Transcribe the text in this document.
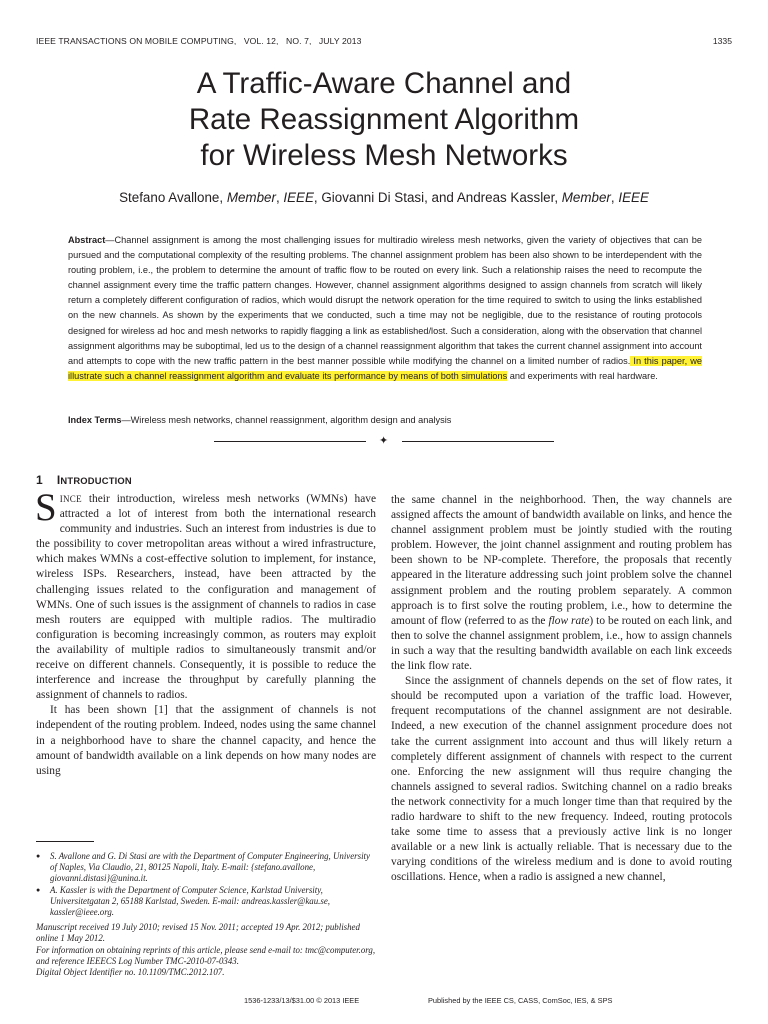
IEEE TRANSACTIONS ON MOBILE COMPUTING,   VOL. 12,   NO. 7,   JULY 2013	1335
A Traffic-Aware Channel and
Rate Reassignment Algorithm
for Wireless Mesh Networks
Stefano Avallone, Member, IEEE, Giovanni Di Stasi, and Andreas Kassler, Member, IEEE
Abstract—Channel assignment is among the most challenging issues for multiradio wireless mesh networks, given the variety of objectives that can be pursued and the computational complexity of the resulting problems. The channel assignment problem has been also shown to be interdependent with the routing problem, i.e., the problem to determine the amount of traffic flow to be routed on every link. Such a relationship raises the need to recompute the channel assignment every time the traffic pattern changes. However, channel assignment algorithms designed to assign channels from scratch will likely return a completely different configuration of radios, which would disrupt the network operation for the time required to switch to using the links established on the new channels. As shown by the experiments that we conducted, such a time may not be negligible, due to the resistance of routing protocols designed for wireless ad hoc and mesh networks to rapidly flagging a link as established/lost. Such a consideration, along with the observation that channel assignment algorithms may be suboptimal, led us to the design of a channel reassignment algorithm that takes the current channel assignment into account and attempts to cope with the new traffic pattern in the best manner possible while modifying the channel on a limited number of radios. In this paper, we illustrate such a channel reassignment algorithm and evaluate its performance by means of both simulations and experiments with real hardware.
Index Terms—Wireless mesh networks, channel reassignment, algorithm design and analysis
✦
1 INTRODUCTION

SINCE their introduction, wireless mesh networks (WMNs) have attracted a lot of interest from both the international research community and industries. Such an interest from industries is due to the possibility to cover metropolitan areas without a wired infrastructure, which makes WMNs a cost-effective solution to implement, for instance, wireless ISPs. Researchers, instead, have been attracted by the challenging issues related to the configuration and management of WMNs. One of such issues is the assignment of channels to radios in case mesh routers are equipped with multiple radios. The multiradio configuration is becoming increasingly common, as routers may exploit the availability of multiple radios to simultaneously transmit and/or receive on different channels. Consequently, it is possible to reduce the interference and increase the throughput by carefully planning the assignment of channels to radios.

It has been shown [1] that the assignment of channels is not independent of the routing problem. Indeed, nodes using the same channel in a neighborhood have to share the channel capacity, and hence the amount of bandwidth available on a link depends on how many nodes are using

the same channel in the neighborhood. Then, the way channels are assigned affects the amount of bandwidth available on links, and hence the channel assignment problem must be jointly studied with the routing problem. However, the joint channel assignment and routing problem has been shown to be NP-complete. Therefore, the proposals that recently appeared in the literature addressing such joint problem solve the channel assignment problem and the routing problem separately. A common approach is to first solve the routing problem, i.e., how to determine the amount of flow (referred to as the flow rate) to be routed on each link, and then to solve the channel assignment problem, i.e., how to assign channels in such a way that the resulting bandwidth available on each link exceeds the link flow rate.

Since the assignment of channels depends on the set of flow rates, it should be recomputed upon a variation of the traffic load. However, frequent recomputations of the channel assignment are not desirable. Indeed, a new execution of the channel assignment procedure does not take the current assignment into account and thus will likely return a completely different assignment of channels with respect to the current one. Enforcing the new assignment will thus require changing the channels assigned to several radios. Switching channel on a radio breaks the network connectivity for a much longer time than that required by the radio hardware to shift to the new frequency. Indeed, routing protocols take some time to assess that a previously active link is no longer available or a new link is actually reliable. That is necessary due to the varying conditions of the wireless medium and is done to avoid routing oscillations. Hence, when a radio is assigned a new channel,

● S. Avallone and G. Di Stasi are with the Department of Computer Engineering, University of Naples, Via Claudio, 21, 80125 Napoli, Italy. E-mail: {stefano.avallone, giovanni.distasi}@unina.it.
● A. Kassler is with the Department of Computer Science, Karlstad University, Universitetgatan 2, 65188 Karlstad, Sweden. E-mail: andreas.kassler@kau.se, kassler@ieee.org.

Manuscript received 19 July 2010; revised 15 Nov. 2011; accepted 19 Apr. 2012; published online 1 May 2012.

For information on obtaining reprints of this article, please send e-mail to: tmc@computer.org, and reference IEEECS Log Number TMC-2010-07-0343.

Digital Object Identifier no. 10.1109/TMC.2012.107.

1536-1233/13/$31.00 © 2013 IEEE	Published by the IEEE CS, CASS, ComSoc, IES, & SPS
